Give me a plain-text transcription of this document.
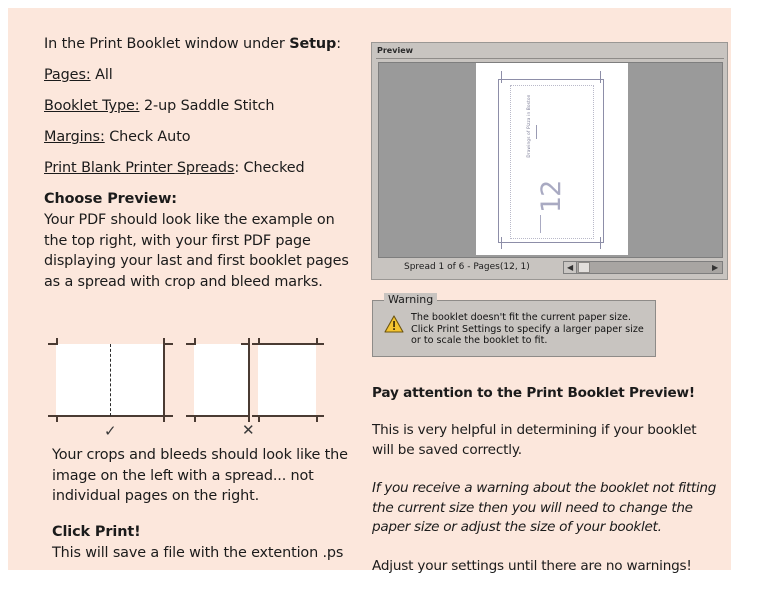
In the Print Booklet window under Setup:

Pages: All

Booklet Type: 2-up Saddle Stitch

Margins: Check Auto

Print Blank Printer Spreads: Checked

Choose Preview:

Your PDF should look like the example on the top right, with your first PDF page displaying your last and first booklet pages as a spread with crop and bleed marks.

✓	✕

Your crops and bleeds should look like the image on the left with a spread... not individual pages on the right.

Click Print!

This will save a file with the extention .ps

Preview
Drawings of Pizza in Boston
12
Spread 1 of 6 - Pages(12, 1)	◀	▶
Warning
The booklet doesn't fit the current paper size. Click Print Settings to specify a larger paper size or to scale the booklet to fit.

Pay attention to the Print Booklet Preview!

This is very helpful in determining if your booklet will be saved correctly.

If you receive a warning about the booklet not fitting the current size then you will need to change the paper size or adjust the size of your booklet.

Adjust your settings until there are no warnings!
